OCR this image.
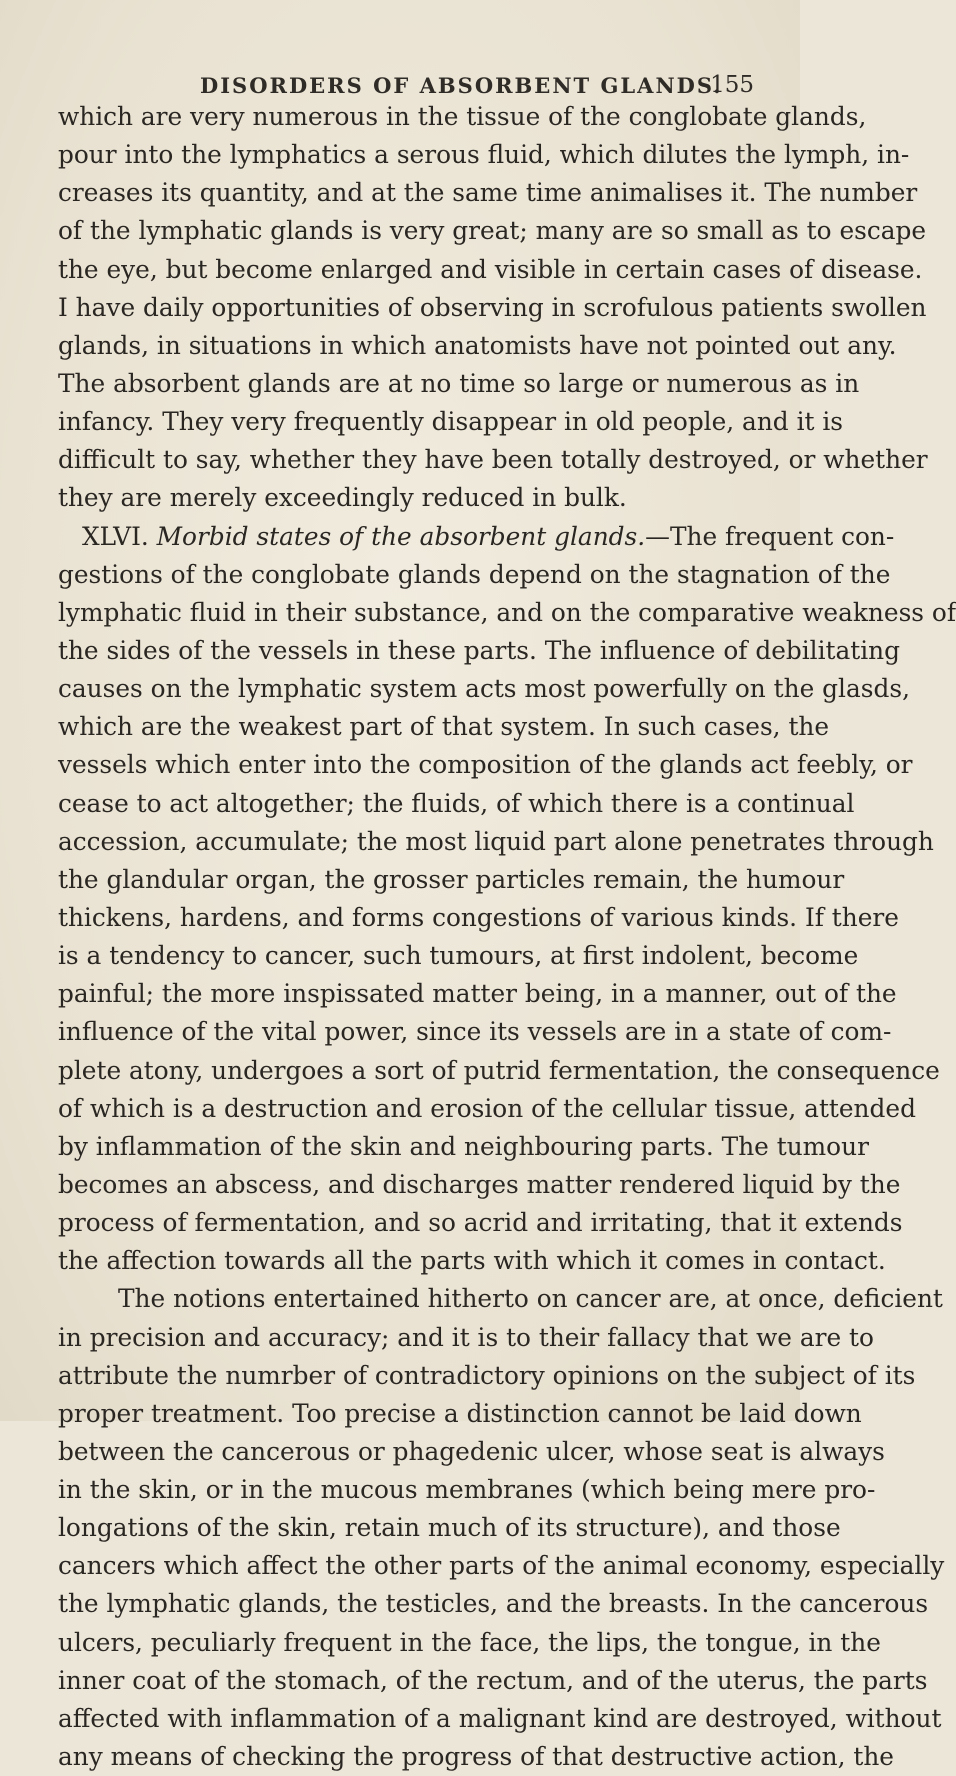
DISORDERS OF ABSORBENT GLANDS.
155
which are very numerous in the tissue of the conglobate glands,
pour into the lymphatics a serous fluid, which dilutes the lymph, in-
creases its quantity, and at the same time animalises it. The number
of the lymphatic glands is very great; many are so small as to escape
the eye, but become enlarged and visible in certain cases of disease.
I have daily opportunities of observing in scrofulous patients swollen
glands, in situations in which anatomists have not pointed out any.
The absorbent glands are at no time so large or numerous as in
infancy. They very frequently disappear in old people, and it is
difficult to say, whether they have been totally destroyed, or whether
they are merely exceedingly reduced in bulk.
XLVI. Morbid states of the absorbent glands.—The frequent con-
gestions of the conglobate glands depend on the stagnation of the
lymphatic fluid in their substance, and on the comparative weakness of
the sides of the vessels in these parts. The influence of debilitating
causes on the lymphatic system acts most powerfully on the glasds,
which are the weakest part of that system. In such cases, the
vessels which enter into the composition of the glands act feebly, or
cease to act altogether; the fluids, of which there is a continual
accession, accumulate; the most liquid part alone penetrates through
the glandular organ, the grosser particles remain, the humour
thickens, hardens, and forms congestions of various kinds. If there
is a tendency to cancer, such tumours, at first indolent, become
painful; the more inspissated matter being, in a manner, out of the
influence of the vital power, since its vessels are in a state of com-
plete atony, undergoes a sort of putrid fermentation, the consequence
of which is a destruction and erosion of the cellular tissue, attended
by inflammation of the skin and neighbouring parts. The tumour
becomes an abscess, and discharges matter rendered liquid by the
process of fermentation, and so acrid and irritating, that it extends
the affection towards all the parts with which it comes in contact.
The notions entertained hitherto on cancer are, at once, deficient
in precision and accuracy; and it is to their fallacy that we are to
attribute the numrber of contradictory opinions on the subject of its
proper treatment. Too precise a distinction cannot be laid down
between the cancerous or phagedenic ulcer, whose seat is always
in the skin, or in the mucous membranes (which being mere pro-
longations of the skin, retain much of its structure), and those
cancers which affect the other parts of the animal economy, especially
the lymphatic glands, the testicles, and the breasts. In the cancerous
ulcers, peculiarly frequent in the face, the lips, the tongue, in the
inner coat of the stomach, of the rectum, and of the uterus, the parts
affected with inflammation of a malignant kind are destroyed, without
any means of checking the progress of that destructive action, the
